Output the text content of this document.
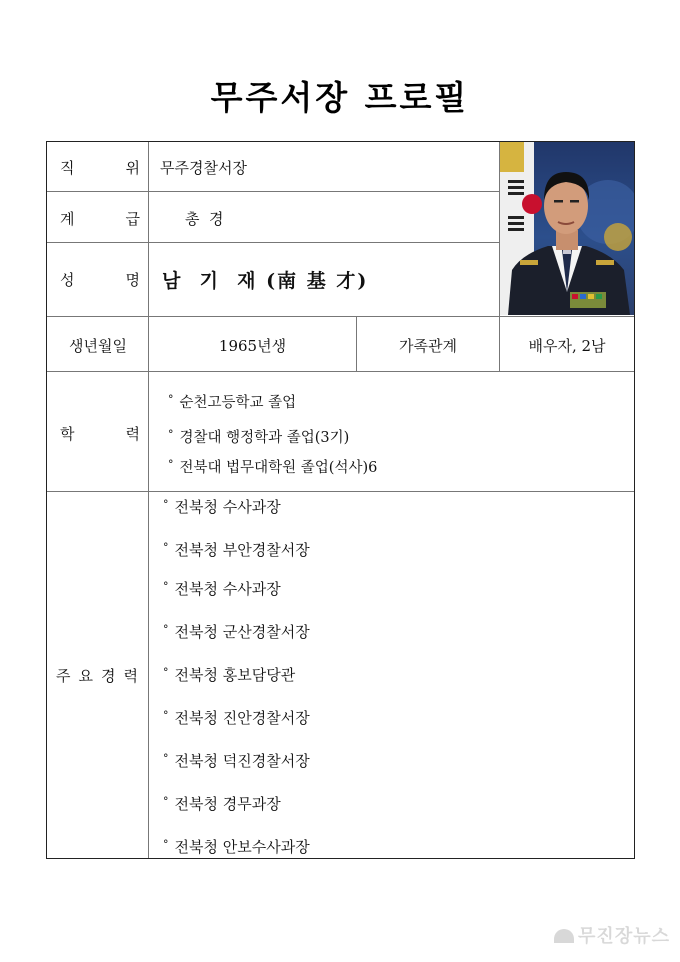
무주서장 프로필
직	위 무주경찰서장
계	급	총  경
성	명 남  기  재 (南 基 才)
생년월일	1965년생	가족관계	배우자, 2남
학	력
° 순천고등학교 졸업
° 경찰대 행정학과 졸업(3기)
° 전북대 법무대학원 졸업(석사)6
주 요 경 력
° 전북청 수사과장
° 전북청 부안경찰서장
° 전북청 수사과장
° 전북청 군산경찰서장
° 전북청 홍보담당관
° 전북청 진안경찰서장
° 전북청 덕진경찰서장
° 전북청 경무과장
° 전북청 안보수사과장
무진장뉴스
